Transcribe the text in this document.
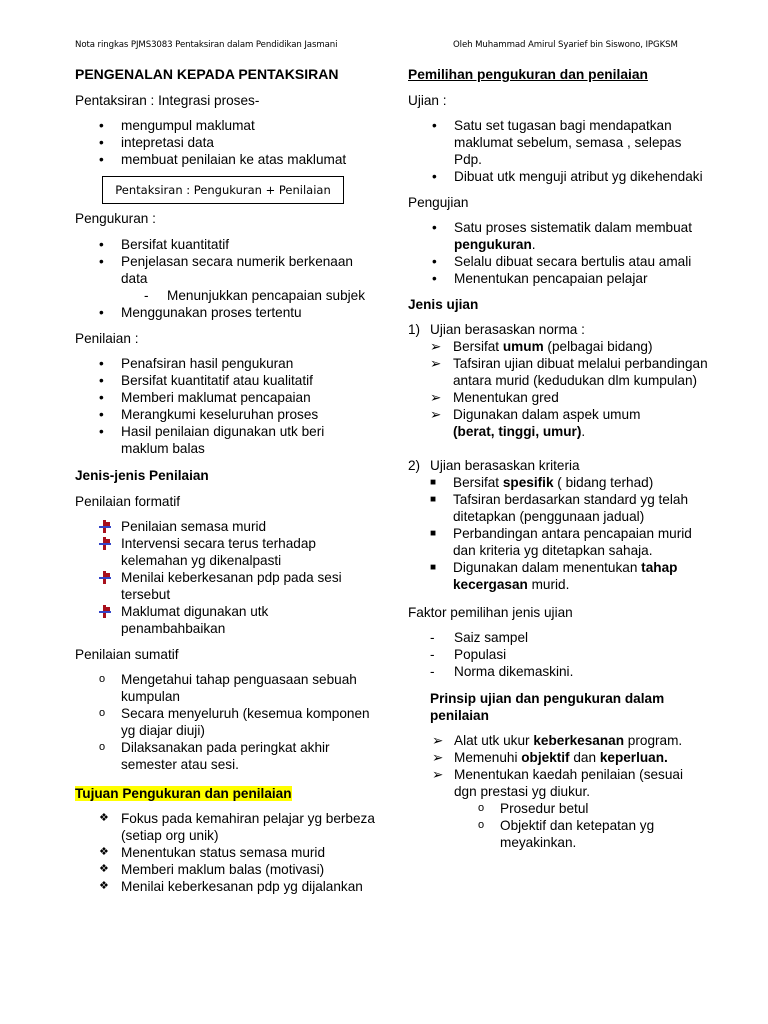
Nota ringkas PJMS3083 Pentaksiran dalam Pendidikan Jasmani	Oleh Muhammad Amirul Syarief bin Siswono, IPGKSM

PENGENALAN KEPADA PENTAKSIRAN

Pentaksiran : Integrasi proses-

•	mengumpul maklumat
•	intepretasi data
•	membuat penilaian ke atas maklumat
Pentaksiran : Pengukuran + Penilaian

Pengukuran :

•	Bersifat kuantitatif
•	Penjelasan secara numerik berkenaan data
-	Menunjukkan pencapaian subjek
•	Menggunakan proses tertentu

Penilaian :

•	Penafsiran hasil pengukuran
•	Bersifat kuantitatif atau kualitatif
•	Memberi maklumat pencapaian
•	Merangkumi keseluruhan proses
•	Hasil penilaian digunakan utk beri maklum balas

Jenis-jenis Penilaian

Penilaian formatif

Penilaian semasa murid
Intervensi secara terus terhadap kelemahan yg dikenalpasti
Menilai keberkesanan pdp pada sesi tersebut
Maklumat digunakan utk penambahbaikan

Penilaian sumatif

o	Mengetahui tahap penguasaan sebuah kumpulan
o	Secara menyeluruh (kesemua komponen yg diajar diuji)
o	Dilaksanakan pada peringkat akhir semester atau sesi.

Tujuan Pengukuran dan penilaian

❖ Fokus pada kemahiran pelajar yg berbeza (setiap org unik)
❖ Menentukan status semasa murid
❖ Memberi maklum balas (motivasi)
❖ Menilai keberkesanan pdp yg dijalankan

Pemilihan pengukuran dan penilaian

Ujian :

•	Satu set tugasan bagi mendapatkan maklumat sebelum, semasa , selepas Pdp.
•	Dibuat utk menguji atribut yg dikehendaki

Pengujian

•	Satu proses sistematik dalam membuat pengukuran.
•	Selalu dibuat secara bertulis atau amali
•	Menentukan pencapaian pelajar

Jenis ujian

1) Ujian berasaskan norma :
➢ Bersifat umum (pelbagai bidang)
➢ Tafsiran ujian dibuat melalui perbandingan antara murid (kedudukan dlm kumpulan)
➢ Menentukan gred
➢ Digunakan dalam aspek umum
(berat, tinggi, umur).
2) Ujian berasaskan kriteria
■ Bersifat spesifik ( bidang terhad)
■ Tafsiran berdasarkan standard yg telah ditetapkan (penggunaan jadual)
■ Perbandingan antara pencapaian murid dan kriteria yg ditetapkan sahaja.
■ Digunakan dalam menentukan tahap kecergasan murid.

Faktor pemilihan jenis ujian

-	Saiz sampel
-	Populasi
-	Norma dikemaskini.

Prinsip ujian dan pengukuran dalam penilaian

➢ Alat utk ukur keberkesanan program.
➢ Memenuhi objektif dan keperluan.
➢ Menentukan kaedah penilaian (sesuai dgn prestasi yg diukur.
o	Prosedur betul
o	Objektif dan ketepatan yg meyakinkan.
